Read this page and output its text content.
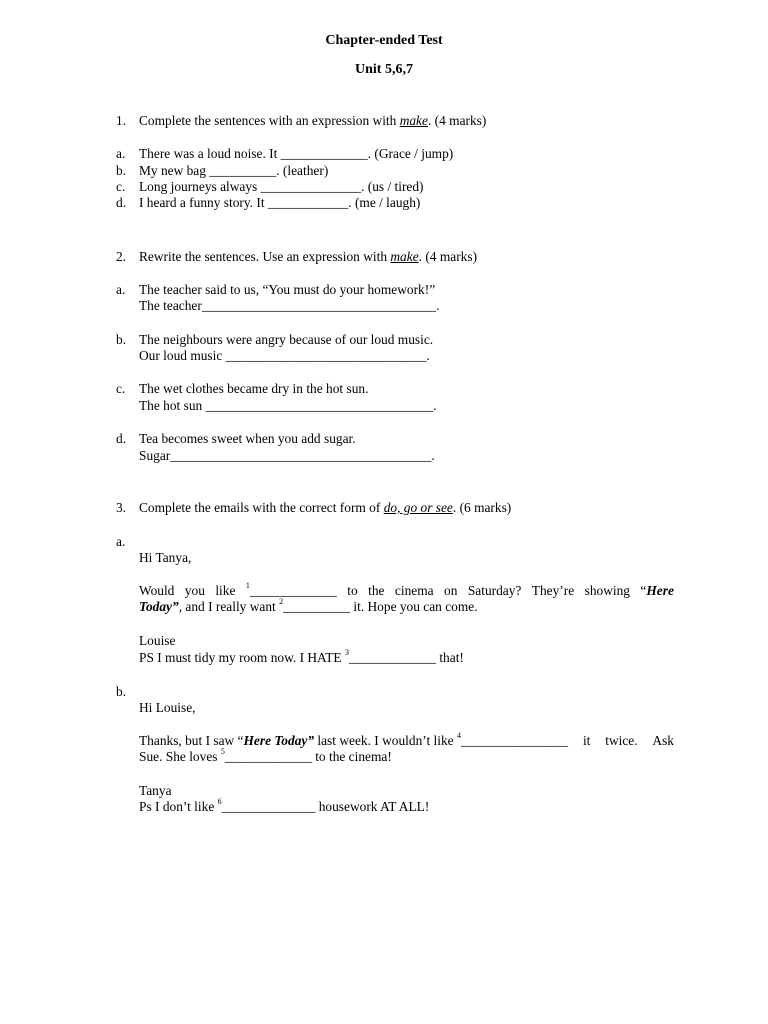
Chapter-ended Test
Unit 5,6,7
1. Complete the sentences with an expression with make. (4 marks)
a. There was a loud noise. It _____________. (Grace / jump)
b. My new bag __________. (leather)
c. Long journeys always _______________. (us / tired)
d. I heard a funny story. It ____________. (me / laugh)
2. Rewrite the sentences. Use an expression with make. (4 marks)
a. The teacher said to us, “You must do your homework!”
The teacher___________________________________.
b. The neighbours were angry because of our loud music.
Our loud music ______________________________.
c. The wet clothes became dry in the hot sun.
The hot sun __________________________________.
d. Tea becomes sweet when you add sugar.
Sugar_______________________________________.
3. Complete the emails with the correct form of do, go or see. (6 marks)
a.
Hi Tanya,
Would you like $^1$_____________ to the cinema on Saturday? They’re showing “Here
Today”, and I really want $^2$__________ it. Hope you can come.
Louise
PS I must tidy my room now. I HATE $^3$_____________ that!
b.
Hi Louise,
Thanks, but I saw “Here Today” last week. I wouldn’t like $^4$________________ it twice. Ask
Sue. She loves $^5$_____________ to the cinema!
Tanya
Ps I don’t like $^6$______________ housework AT ALL!
